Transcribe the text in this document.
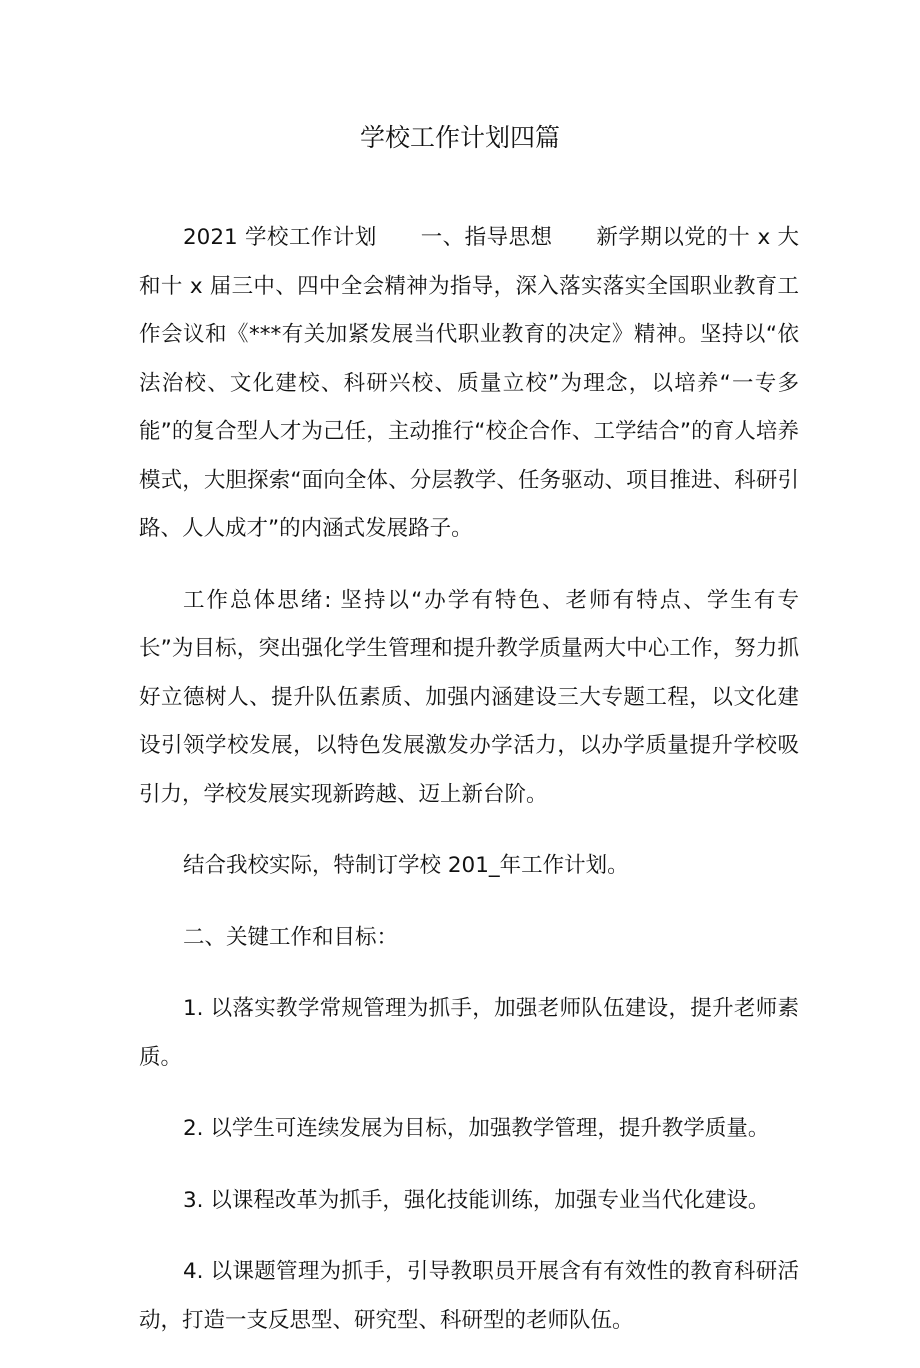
学校工作计划四篇

2021 学校工作计划　　一、指导思想　　新学期以党的十 x 大和十 x 届三中、四中全会精神为指导，深入落实落实全国职业教育工作会议和《***有关加紧发展当代职业教育的决定》精神。坚持以“依法治校、文化建校、科研兴校、质量立校”为理念，以培养“一专多能”的复合型人才为己任，主动推行“校企合作、工学结合”的育人培养模式，大胆探索“面向全体、分层教学、任务驱动、项目推进、科研引路、人人成才”的内涵式发展路子。

工作总体思绪: 坚持以“办学有特色、老师有特点、学生有专长”为目标，突出强化学生管理和提升教学质量两大中心工作，努力抓好立德树人、提升队伍素质、加强内涵建设三大专题工程，以文化建设引领学校发展，以特色发展激发办学活力，以办学质量提升学校吸引力，学校发展实现新跨越、迈上新台阶。

结合我校实际，特制订学校 201_年工作计划。

二、关键工作和目标：

1. 以落实教学常规管理为抓手，加强老师队伍建设，提升老师素质。

2. 以学生可连续发展为目标，加强教学管理，提升教学质量。

3. 以课程改革为抓手，强化技能训练，加强专业当代化建设。

4. 以课题管理为抓手，引导教职员开展含有有效性的教育科研活动，打造一支反思型、研究型、科研型的老师队伍。
